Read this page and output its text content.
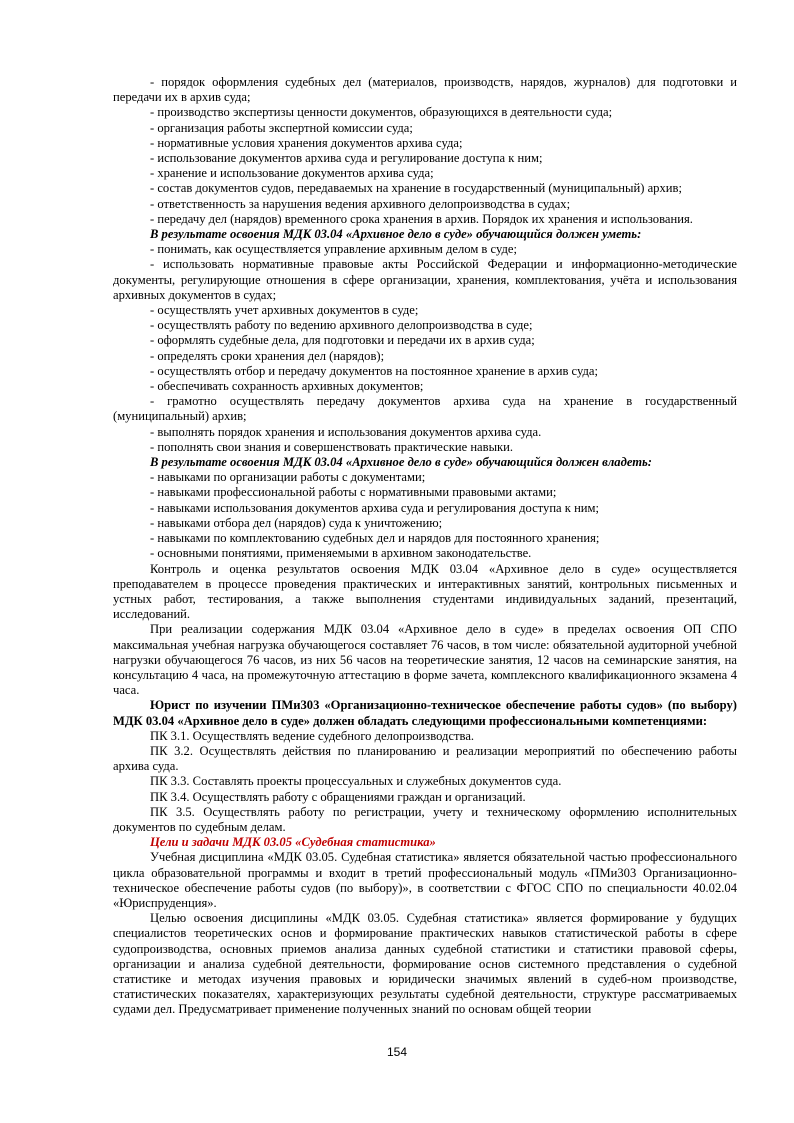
- порядок оформления судебных дел (материалов, производств, нарядов, журналов) для подготовки и передачи их в архив суда;

- производство экспертизы ценности документов, образующихся в деятельности суда;

- организация работы экспертной комиссии суда;

- нормативные условия хранения документов архива суда;

- использование документов архива суда и регулирование доступа к ним;

- хранение и использование документов архива суда;

- состав документов судов, передаваемых на хранение в государственный (муниципальный) архив;

- ответственность за нарушения ведения архивного делопроизводства в судах;

- передачу дел (нарядов) временного срока хранения в архив. Порядок их хранения и использования.

В результате освоения МДК 03.04 «Архивное дело в суде» обучающийся должен уметь:

- понимать, как осуществляется управление архивным делом в суде;

- использовать нормативные правовые акты Российской Федерации и информационно-методические документы, регулирующие отношения в сфере организации, хранения, комплектования, учёта и использования архивных документов в судах;

- осуществлять учет архивных документов в суде;

- осуществлять работу по ведению архивного делопроизводства в суде;

- оформлять судебные дела, для подготовки и передачи их в архив суда;

- определять сроки хранения дел (нарядов);

- осуществлять отбор и передачу документов на постоянное хранение в архив суда;

- обеспечивать сохранность архивных документов;

- грамотно осуществлять передачу документов архива суда на хранение в государственный (муниципальный) архив;

- выполнять порядок хранения и использования документов архива суда.

- пополнять свои знания и совершенствовать практические навыки.

В результате освоения МДК 03.04 «Архивное дело в суде» обучающийся должен владеть:

- навыками по организации работы с документами;

- навыками профессиональной работы с нормативными правовыми актами;

- навыками использования документов архива суда и регулирования доступа к ним;

- навыками отбора дел (нарядов) суда к уничтожению;

- навыками по комплектованию судебных дел и нарядов для постоянного хранения;

- основными понятиями, применяемыми в архивном законодательстве.

Контроль и оценка результатов освоения МДК 03.04 «Архивное дело в суде» осуществляется преподавателем в процессе проведения практических и интерактивных занятий, контрольных письменных и устных работ, тестирования, а также выполнения студентами индивидуальных заданий, презентаций, исследований.

При реализации содержания МДК 03.04 «Архивное дело в суде» в пределах освоения ОП СПО максимальная учебная нагрузка обучающегося составляет 76 часов, в том числе: обязательной аудиторной учебной нагрузки обучающегося 76 часов, из них 56 часов на теоретические занятия, 12 часов на семинарские занятия, на консультацию 4 часа, на промежуточную аттестацию в форме зачета, комплексного квалификационного экзамена 4 часа.

Юрист по изучении ПМи303 «Организационно-техническое обеспечение работы судов» (по выбору) МДК 03.04 «Архивное дело в суде» должен обладать следующими профессиональными компетенциями:

ПК 3.1. Осуществлять ведение судебного делопроизводства.

ПК 3.2. Осуществлять действия по планированию и реализации мероприятий по обеспечению работы архива суда.

ПК 3.3. Составлять проекты процессуальных и служебных документов суда.

ПК 3.4. Осуществлять работу с обращениями граждан и организаций.

ПК 3.5. Осуществлять работу по регистрации, учету и техническому оформлению исполнительных документов по судебным делам.

Цели и задачи МДК 03.05 «Судебная статистика»

Учебная дисциплина «МДК 03.05. Судебная статистика» является обязательной частью профессионального цикла образовательной программы и входит в третий профессиональный модуль «ПМи303 Организационно-техническое обеспечение работы судов (по выбору)», в соответствии с ФГОС СПО по специальности 40.02.04 «Юриспруденция».

Целью освоения дисциплины «МДК 03.05. Судебная статистика» является формирование у будущих специалистов теоретических основ и формирование практических навыков статистической работы в сфере судопроизводства, основных приемов анализа данных судебной статистики и статистики правовой сферы, организации и анализа судебной деятельности, формирование основ системного представления о судебной статистике и методах изучения правовых и юридически значимых явлений в судеб-ном производстве, статистических показателях, характеризующих результаты судебной деятельности, структуре рассматриваемых судами дел. Предусматривает применение полученных знаний по основам общей теории

154
